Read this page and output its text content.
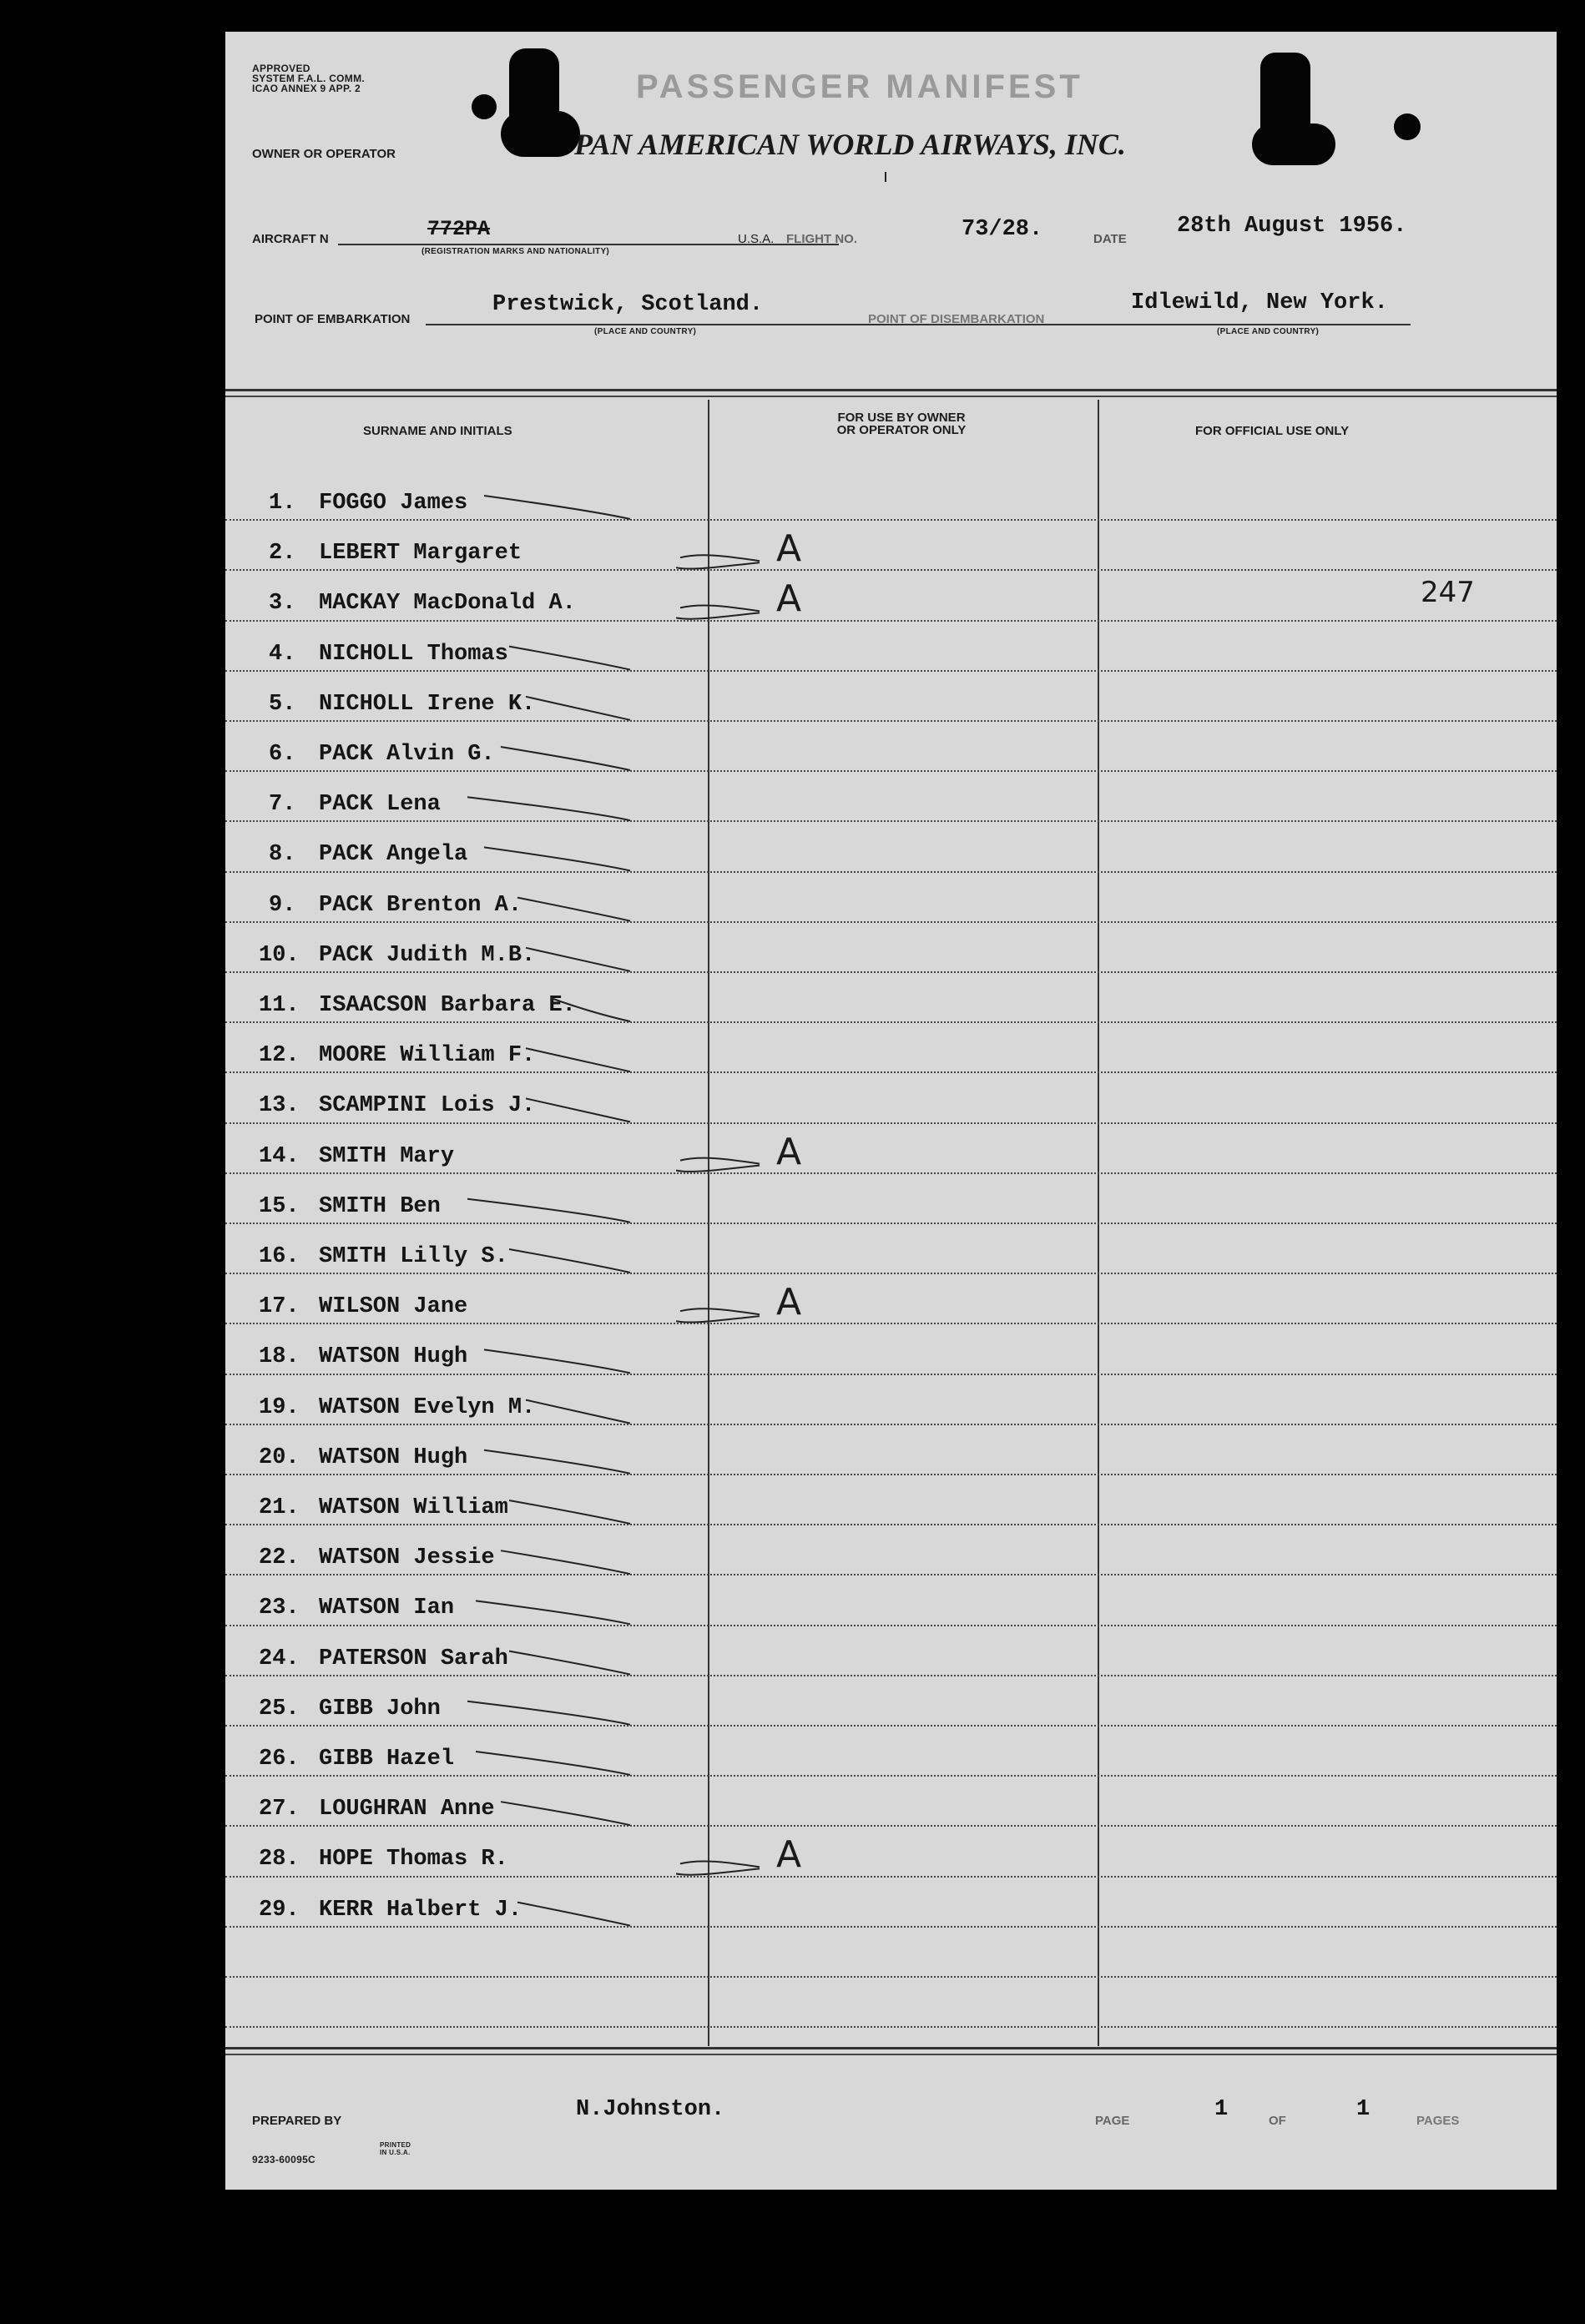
APPROVED
SYSTEM F.A.L. COMM.
ICAO ANNEX 9 APP. 2	PASSENGER MANIFEST
OWNER OR OPERATOR	PAN AMERICAN WORLD AIRWAYS, INC.
AIRCRAFT N	772PA
(REGISTRATION MARKS AND NATIONALITY)
U.S.A. FLIGHT NO.	73/28.	DATE
28th August 1956.
POINT OF EMBARKATION
Prestwick, Scotland.
(PLACE AND COUNTRY)
POINT OF DISEMBARKATION
Idlewild, New York.
(PLACE AND COUNTRY)
SURNAME AND INITIALS
FOR USE BY OWNER
OR OPERATOR ONLY	FOR OFFICIAL USE ONLY
1. FOGGO James
2. LEBERT Margaret	A
3. MACKAY MacDonald A.	A	247
4. NICHOLL Thomas
5. NICHOLL Irene K.
6. PACK Alvin G.
7. PACK Lena
8. PACK Angela
9. PACK Brenton A.
10. PACK Judith M.B.
11. ISAACSON Barbara E.
12. MOORE William F.
13. SCAMPINI Lois J.
14. SMITH Mary	A
15. SMITH Ben
16. SMITH Lilly S.
17. WILSON Jane	A
18. WATSON Hugh
19. WATSON Evelyn M.
20. WATSON Hugh
21. WATSON William
22. WATSON Jessie
23. WATSON Ian
24. PATERSON Sarah
25. GIBB John
26. GIBB Hazel
27. LOUGHRAN Anne
28. HOPE Thomas R.	A
29. KERR Halbert J.
PREPARED BY	N.Johnston.	PAGE	1	OF	1	PAGES
9233-60095C
PRINTED IN U.S.A.
